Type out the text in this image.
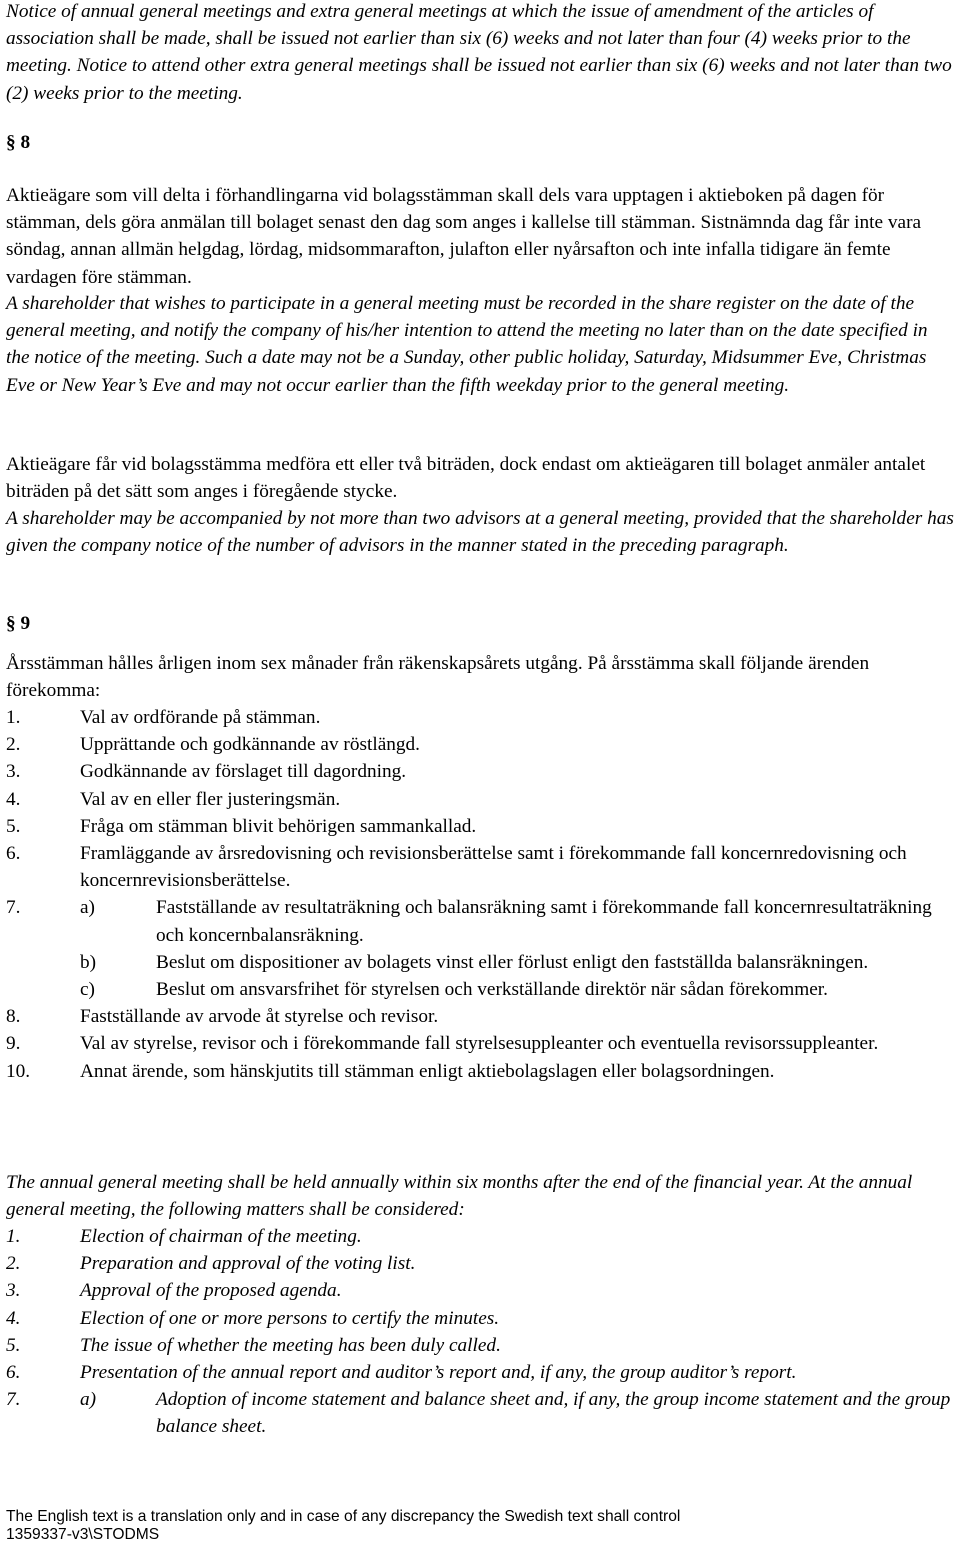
Notice of annual general meetings and extra general meetings at which the issue of amendment of the articles of association shall be made, shall be issued not earlier than six (6) weeks and not later than four (4) weeks prior to the meeting. Notice to attend other extra general meetings shall be issued not earlier than six (6) weeks and not later than two (2) weeks prior to the meeting.

§ 8

Aktieägare som vill delta i förhandlingarna vid bolagsstämman skall dels vara upptagen i aktieboken på dagen för stämman, dels göra anmälan till bolaget senast den dag som anges i kallelse till stämman. Sistnämnda dag får inte vara söndag, annan allmän helgdag, lördag, midsommarafton, julafton eller nyårsafton och inte infalla tidigare än femte vardagen före stämman.

A shareholder that wishes to participate in a general meeting must be recorded in the share register on the date of the general meeting, and notify the company of his/her intention to attend the meeting no later than on the date specified in the notice of the meeting. Such a date may not be a Sunday, other public holiday, Saturday, Midsummer Eve, Christmas Eve or New Year’s Eve and may not occur earlier than the fifth weekday prior to the general meeting.

Aktieägare får vid bolagsstämma medföra ett eller två biträden, dock endast om aktieägaren till bolaget anmäler antalet biträden på det sätt som anges i föregående stycke.

A shareholder may be accompanied by not more than two advisors at a general meeting, provided that the shareholder has given the company notice of the number of advisors in the manner stated in the preceding paragraph.

§ 9

Årsstämman hålles årligen inom sex månader från räkenskapsårets utgång. På årsstämma skall följande ärenden förekomma:

1.	Val av ordförande på stämman.
2.	Upprättande och godkännande av röstlängd.
3.	Godkännande av förslaget till dagordning.
4.	Val av en eller fler justeringsmän.
5.	Fråga om stämman blivit behörigen sammankallad.
6.	Framläggande av årsredovisning och revisionsberättelse samt i förekommande fall koncernredovisning och koncernrevisionsberättelse.
7.	a)	Fastställande av resultaträkning och balansräkning samt i förekommande fall koncernresultaträkning och koncernbalansräkning.
b)	Beslut om dispositioner av bolagets vinst eller förlust enligt den fastställda balansräkningen.
c)	Beslut om ansvarsfrihet för styrelsen och verkställande direktör när sådan förekommer.
8.	Fastställande av arvode åt styrelse och revisor.
9.	Val av styrelse, revisor och i förekommande fall styrelsesuppleanter och eventuella revisorssuppleanter.
10.	Annat ärende, som hänskjutits till stämman enligt aktiebolagslagen eller bolagsordningen.

The annual general meeting shall be held annually within six months after the end of the financial year. At the annual general meeting, the following matters shall be considered:

1.	Election of chairman of the meeting.
2.	Preparation and approval of the voting list.
3.	Approval of the proposed agenda.
4.	Election of one or more persons to certify the minutes.
5.	The issue of whether the meeting has been duly called.
6.	Presentation of the annual report and auditor’s report and, if any, the group auditor’s report.
7.	a)	Adoption of income statement and balance sheet and, if any, the group income statement and the group balance sheet.
The English text is a translation only and in case of any discrepancy the Swedish text shall control
1359337-v3\STODMS
